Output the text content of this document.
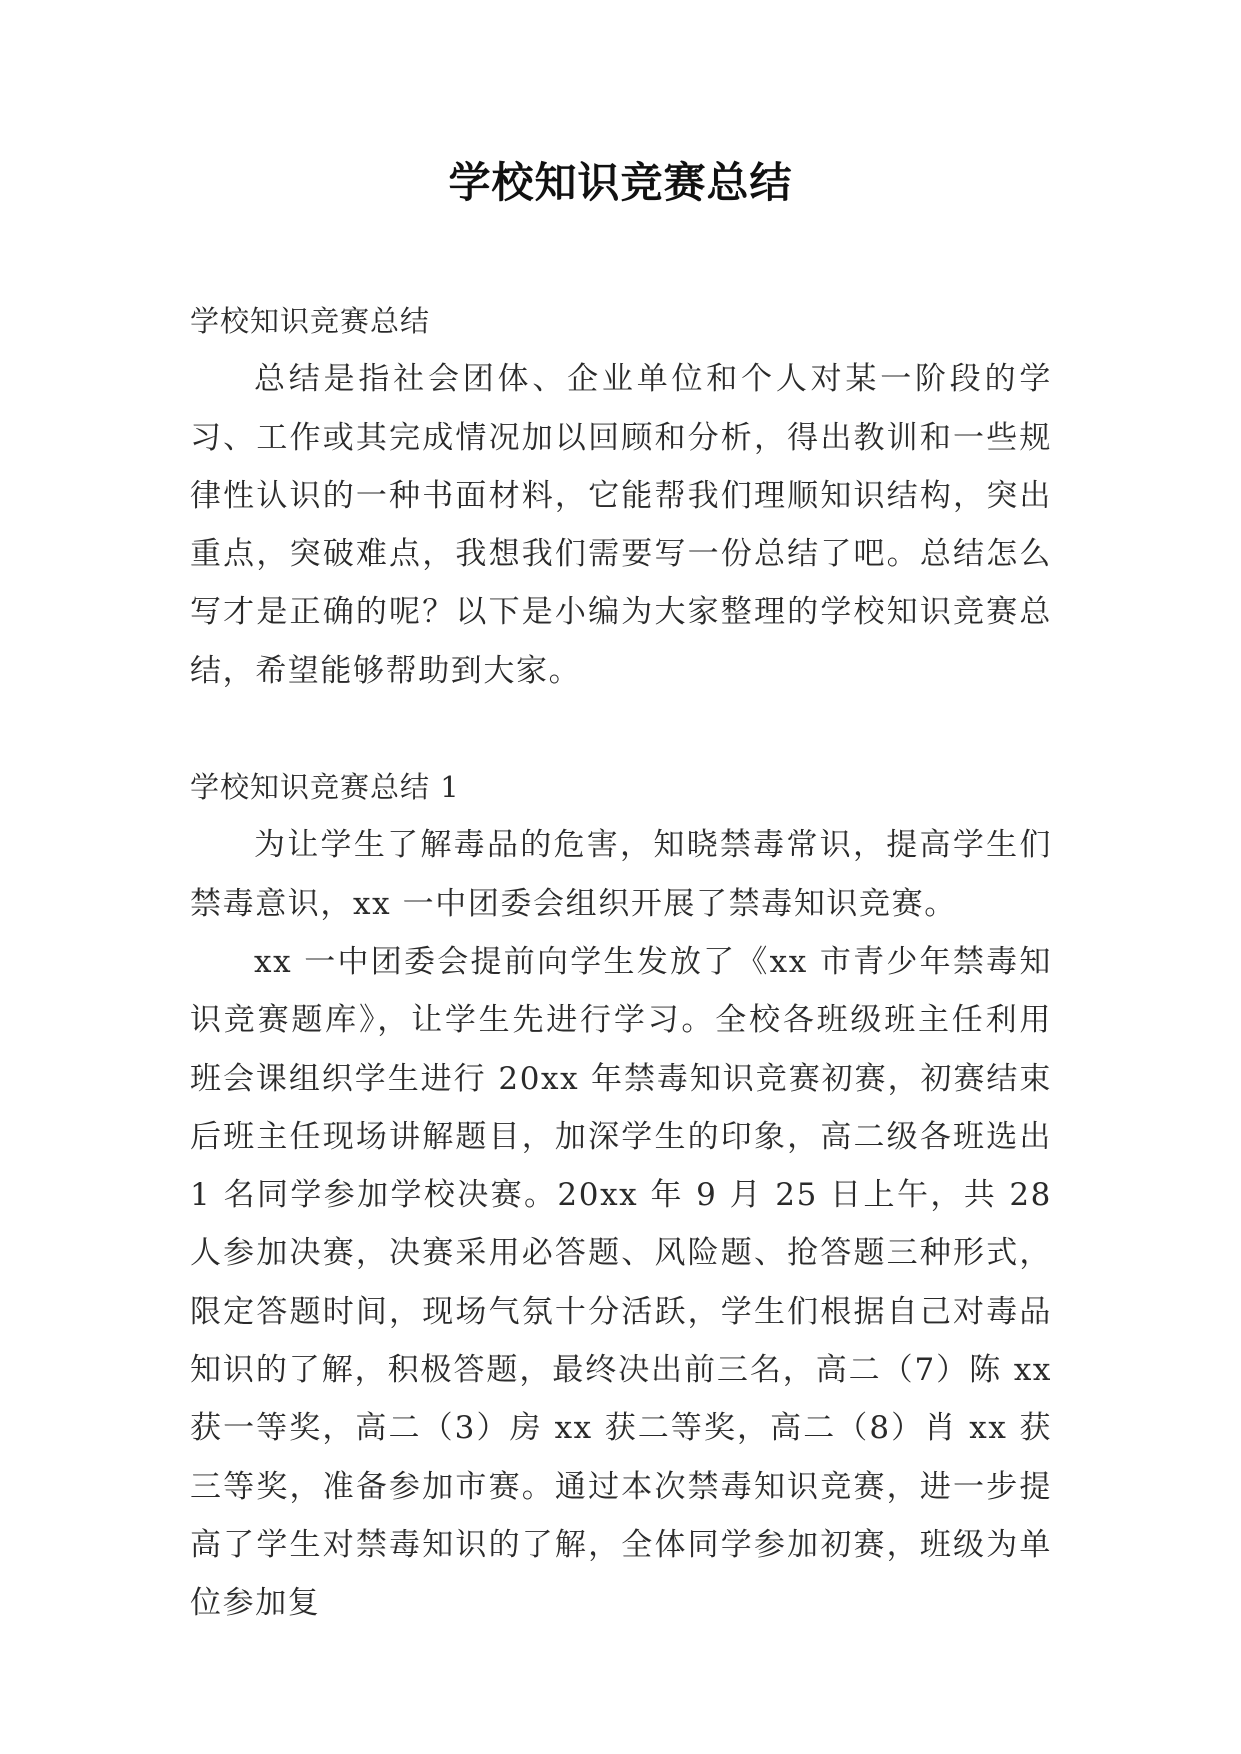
学校知识竞赛总结

学校知识竞赛总结

总结是指社会团体、企业单位和个人对某一阶段的学习、工作或其完成情况加以回顾和分析，得出教训和一些规律性认识的一种书面材料，它能帮我们理顺知识结构，突出重点，突破难点，我想我们需要写一份总结了吧。总结怎么写才是正确的呢？以下是小编为大家整理的学校知识竞赛总结，希望能够帮助到大家。

学校知识竞赛总结 1

为让学生了解毒品的危害，知晓禁毒常识，提高学生们禁毒意识，xx 一中团委会组织开展了禁毒知识竞赛。

xx 一中团委会提前向学生发放了《xx 市青少年禁毒知识竞赛题库》，让学生先进行学习。全校各班级班主任利用班会课组织学生进行 20xx 年禁毒知识竞赛初赛，初赛结束后班主任现场讲解题目，加深学生的印象，高二级各班选出 1 名同学参加学校决赛。20xx 年 9 月 25 日上午，共 28 人参加决赛，决赛采用必答题、风险题、抢答题三种形式，限定答题时间，现场气氛十分活跃，学生们根据自己对毒品知识的了解，积极答题，最终决出前三名，高二（7）陈 xx 获一等奖，高二（3）房 xx 获二等奖，高二（8）肖 xx 获三等奖，准备参加市赛。通过本次禁毒知识竞赛，进一步提高了学生对禁毒知识的了解，全体同学参加初赛，班级为单位参加复
